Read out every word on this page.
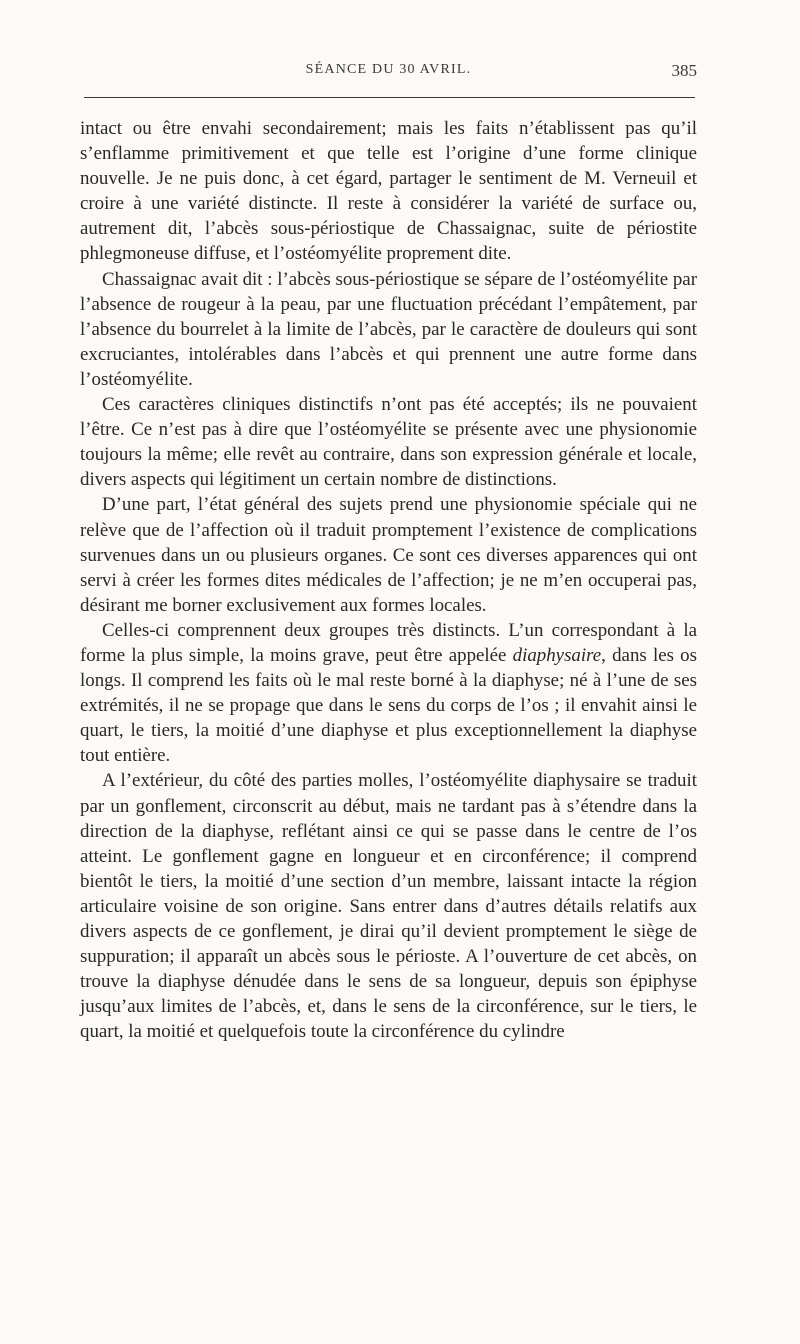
SÉANCE DU 30 AVRIL.	385

intact ou être envahi secondairement; mais les faits n’établissent pas qu’il s’enflamme primitivement et que telle est l’origine d’une forme clinique nouvelle. Je ne puis donc, à cet égard, partager le sentiment de M. Verneuil et croire à une variété distincte. Il reste à considérer la variété de surface ou, autrement dit, l’abcès sous-périostique de Chassaignac, suite de périostite phlegmoneuse diffuse, et l’ostéomyélite proprement dite.

Chassaignac avait dit : l’abcès sous-périostique se sépare de l’ostéomyélite par l’absence de rougeur à la peau, par une fluctuation précédant l’empâtement, par l’absence du bourrelet à la limite de l’abcès, par le caractère de douleurs qui sont excruciantes, intolérables dans l’abcès et qui prennent une autre forme dans l’ostéomyélite.

Ces caractères cliniques distinctifs n’ont pas été acceptés; ils ne pouvaient l’être. Ce n’est pas à dire que l’ostéomyélite se présente avec une physionomie toujours la même; elle revêt au contraire, dans son expression générale et locale, divers aspects qui légitiment un certain nombre de distinctions.

D’une part, l’état général des sujets prend une physionomie spéciale qui ne relève que de l’affection où il traduit promptement l’existence de complications survenues dans un ou plusieurs organes. Ce sont ces diverses apparences qui ont servi à créer les formes dites médicales de l’affection; je ne m’en occuperai pas, désirant me borner exclusivement aux formes locales.

Celles-ci comprennent deux groupes très distincts. L’un correspondant à la forme la plus simple, la moins grave, peut être appelée diaphysaire, dans les os longs. Il comprend les faits où le mal reste borné à la diaphyse; né à l’une de ses extrémités, il ne se propage que dans le sens du corps de l’os ; il envahit ainsi le quart, le tiers, la moitié d’une diaphyse et plus exceptionnellement la diaphyse tout entière.

A l’extérieur, du côté des parties molles, l’ostéomyélite diaphysaire se traduit par un gonflement, circonscrit au début, mais ne tardant pas à s’étendre dans la direction de la diaphyse, reflétant ainsi ce qui se passe dans le centre de l’os atteint. Le gonflement gagne en longueur et en circonférence; il comprend bientôt le tiers, la moitié d’une section d’un membre, laissant intacte la région articulaire voisine de son origine. Sans entrer dans d’autres détails relatifs aux divers aspects de ce gonflement, je dirai qu’il devient promptement le siège de suppuration; il apparaît un abcès sous le périoste. A l’ouverture de cet abcès, on trouve la diaphyse dénudée dans le sens de sa longueur, depuis son épiphyse jusqu’aux limites de l’abcès, et, dans le sens de la circonférence, sur le tiers, le quart, la moitié et quelquefois toute la circonférence du cylindre
